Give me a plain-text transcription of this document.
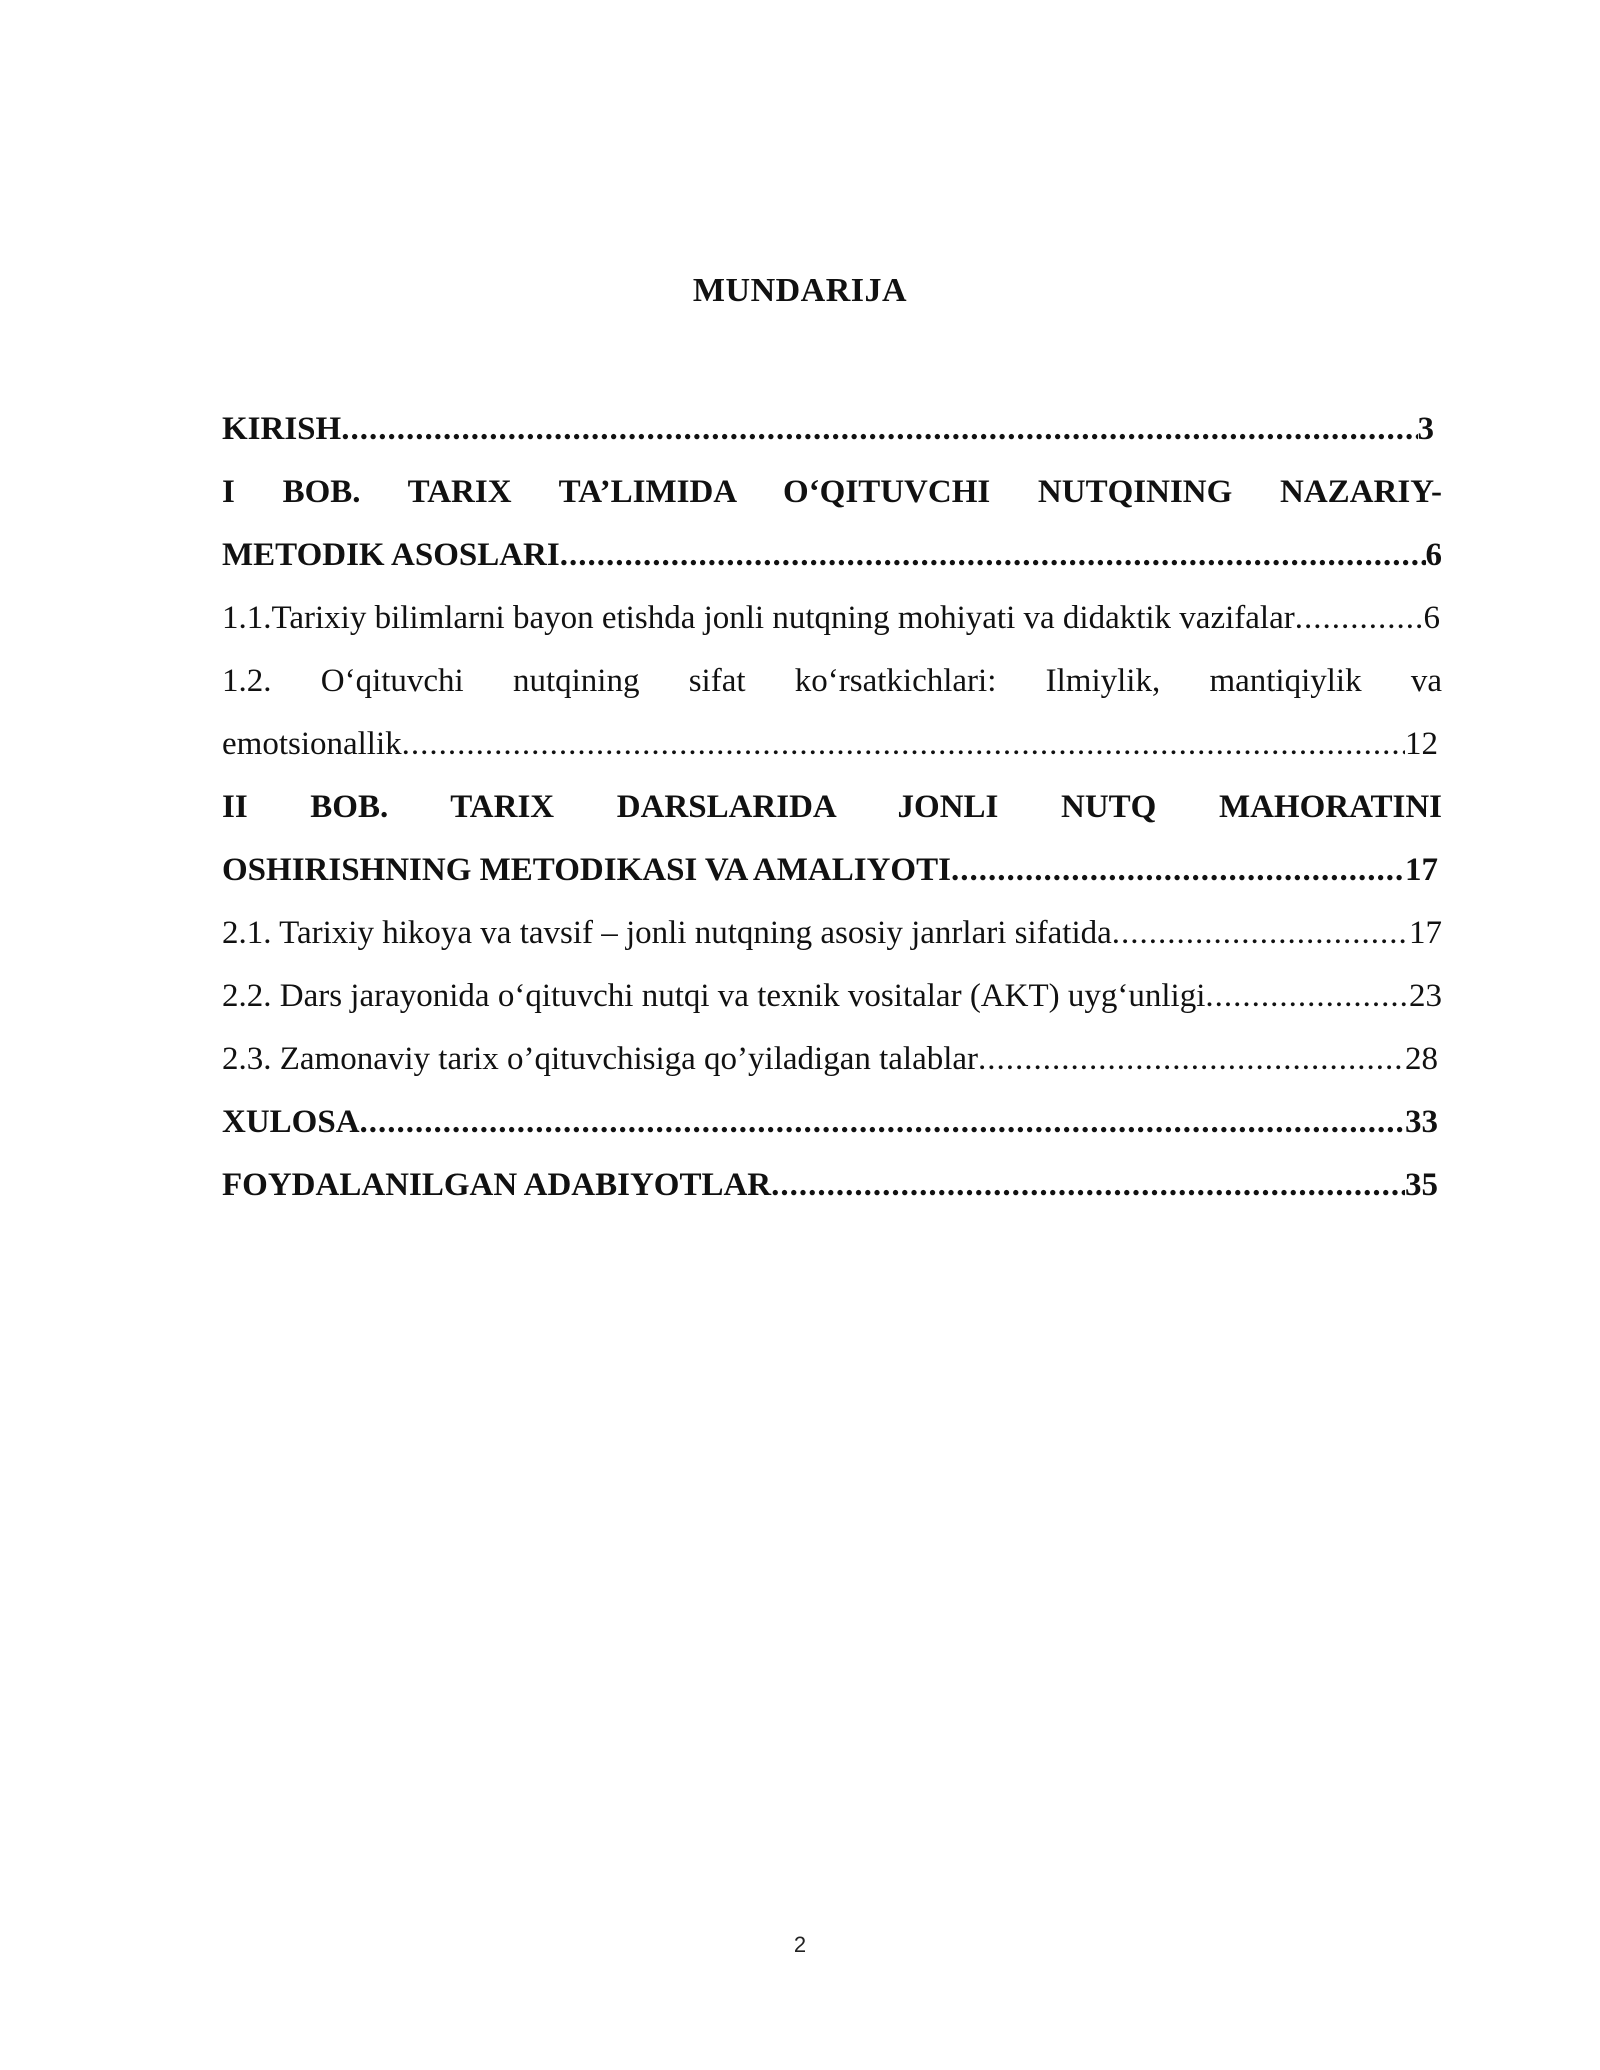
MUNDARIJA
KIRISH .....	3
I BOB. TARIX TA’LIMIDA O‘QITUVCHI NUTQINING NAZARIY-
METODIK ASOSLARI .....	6
1.1.Tarixiy bilimlarni bayon etishda jonli nutqning mohiyati va didaktik vazifalar .....	6
1.2. O‘qituvchi nutqining sifat ko‘rsatkichlari: Ilmiylik, mantiqiylik va
emotsionallik .....	12
II BOB. TARIX DARSLARIDA JONLI NUTQ MAHORATINI
OSHIRISHNING METODIKASI VA AMALIYOTI .....	17
2.1. Tarixiy hikoya va tavsif – jonli nutqning asosiy janrlari sifatida .....	17
2.2. Dars jarayonida o‘qituvchi nutqi va texnik vositalar (AKT) uyg‘unligi .....	23
2.3. Zamonaviy tarix o’qituvchisiga qo’yiladigan talablar .....	28
XULOSA .....	33
FOYDALANILGAN ADABIYOTLAR .....	35
2
